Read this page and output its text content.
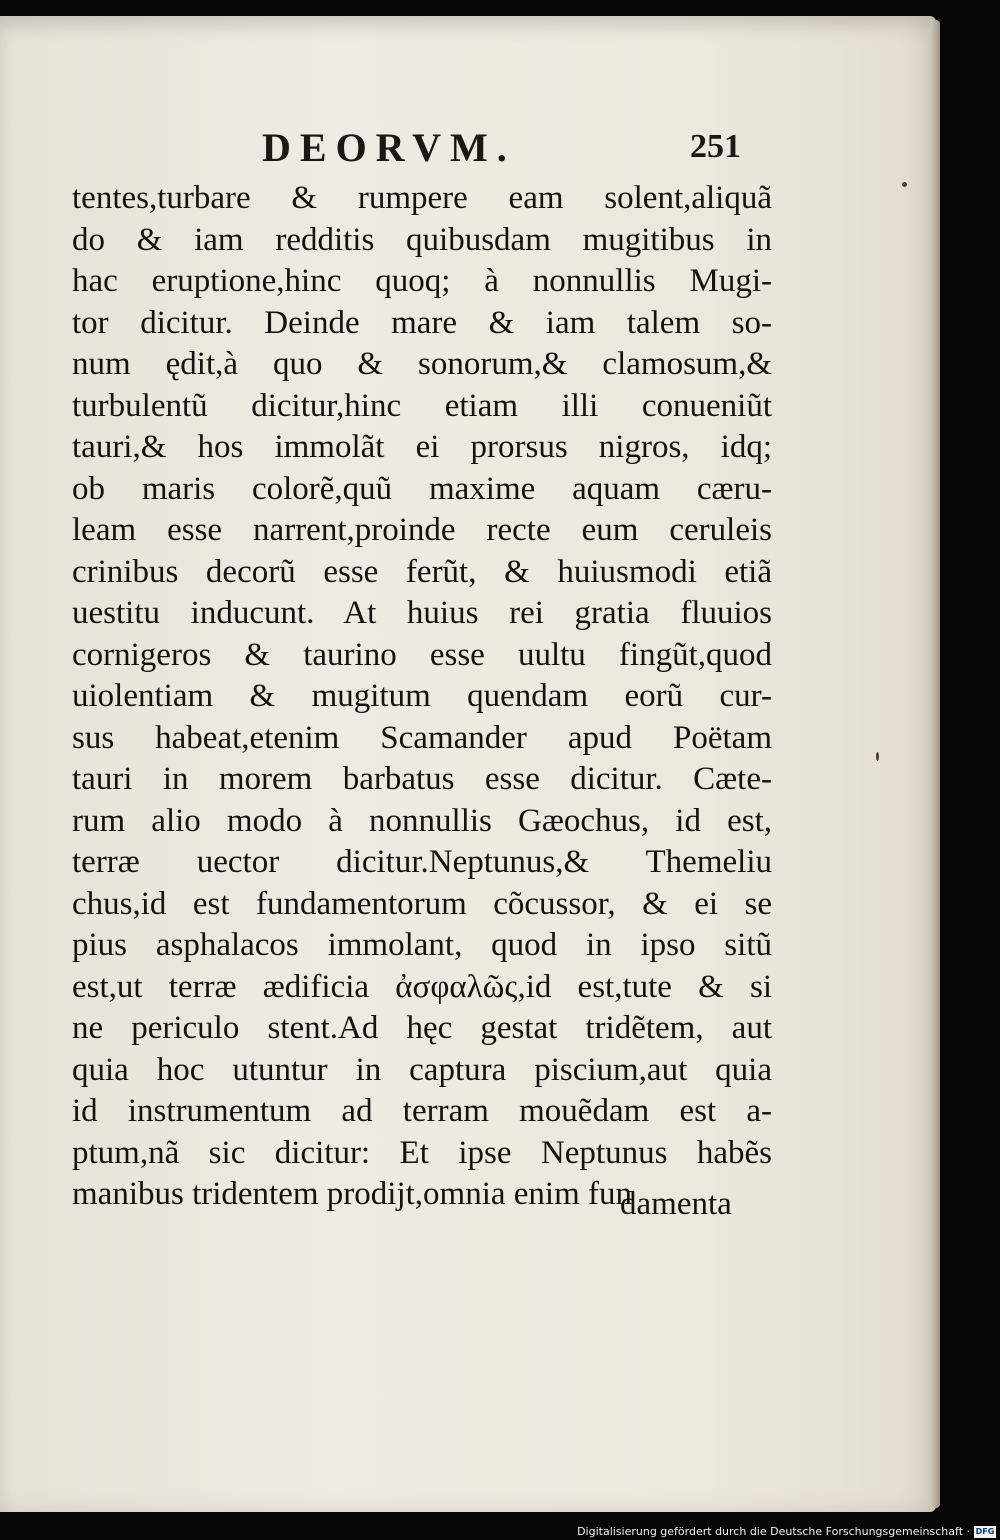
DEORVM.	251
tentes,turbare & rumpere eam solent,aliquã
do & iam redditis quibusdam mugitibus in
hac eruptione,hinc quoq; à nonnullis Mugi-
tor dicitur. Deinde mare & iam talem so-
num ędit,à quo & sonorum,& clamosum,&
turbulentũ dicitur,hinc etiam illi conueniũt
tauri,& hos immolãt ei prorsus nigros, idq;
ob maris colorẽ,quũ maxime aquam cæru-
leam esse narrent,proinde recte eum ceruleis
crinibus decorũ esse ferũt, & huiusmodi etiã
uestitu inducunt. At huius rei gratia fluuios
cornigeros & taurino esse uultu fingũt,quod
uiolentiam & mugitum quendam eorũ cur-
sus habeat,etenim Scamander apud Poëtam
tauri in morem barbatus esse dicitur. Cæte-
rum alio modo à nonnullis Gæochus, id est,
terræ uector dicitur.Neptunus,& Themeliu
chus,id est fundamentorum cõcussor, & ei se
pius asphalacos immolant, quod in ipso sitũ
est,ut terræ ædificia ἀσφαλῶς,id est,tute & si
ne periculo stent.Ad hęc gestat tridẽtem, aut
quia hoc utuntur in captura piscium,aut quia
id instrumentum ad terram mouẽdam est a-
ptum,nã sic dicitur: Et ipse Neptunus habẽs
manibus tridentem prodijt,omnia enim fun
damenta
Digitalisierung gefördert durch die Deutsche Forschungsgemeinschaft · DFG
